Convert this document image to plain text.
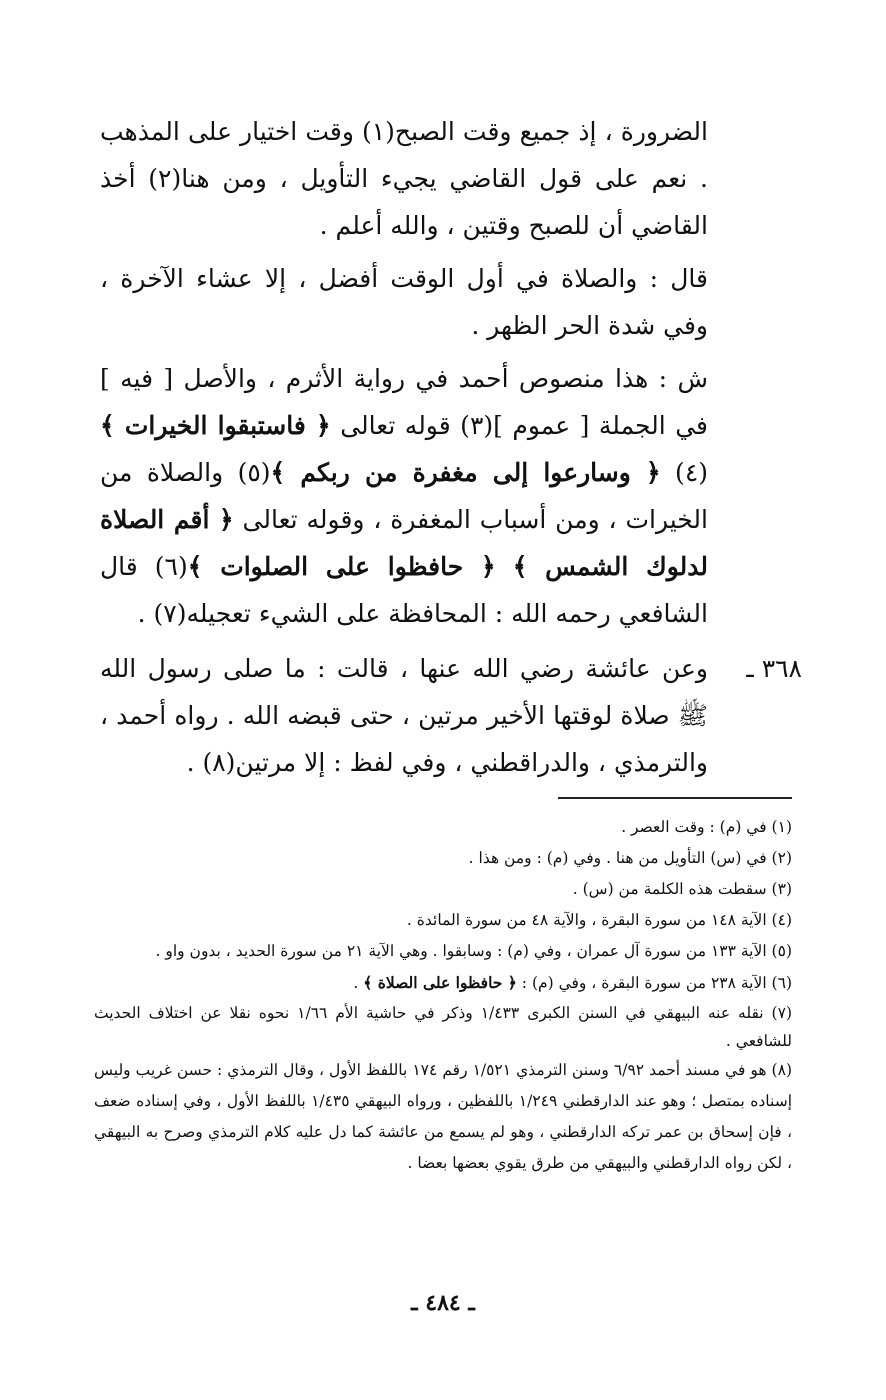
الضرورة ، إذ جميع وقت الصبح(١) وقت اختيار على المذهب . نعم على قول القاضي يجيء التأويل ، ومن هنا(٢) أخذ القاضي أن للصبح وقتين ، والله أعلم .

قال : والصلاة في أول الوقت أفضل ، إلا عشاء الآخرة ، وفي شدة الحر الظهر .

ش : هذا منصوص أحمد في رواية الأثرم ، والأصل [ فيه ] في الجملة [ عموم ](٣) قوله تعالى ﴿ فاستبقوا الخيرات ﴾(٤) ﴿ وسارعوا إلى مغفرة من ربكم ﴾(٥) والصلاة من الخيرات ، ومن أسباب المغفرة ، وقوله تعالى ﴿ أقم الصلاة لدلوك الشمس ﴾ ﴿ حافظوا على الصلوات ﴾(٦) قال الشافعي رحمه الله : المحافظة على الشيء تعجيله(٧) .

٣٦٨ ـ

وعن عائشة رضي الله عنها ، قالت : ما صلى رسول الله ﷺ صلاة لوقتها الأخير مرتين ، حتى قبضه الله . رواه أحمد ، والترمذي ، والدراقطني ، وفي لفظ : إلا مرتين(٨) .

(١) في (م) : وقت العصر .

(٢) في (س) التأويل من هنا . وفي (م) : ومن هذا .

(٣) سقطت هذه الكلمة من (س) .

(٤) الآية ١٤٨ من سورة البقرة ، والآية ٤٨ من سورة المائدة .

(٥) الآية ١٣٣ من سورة آل عمران ، وفي (م) : وسابقوا . وهي الآية ٢١ من سورة الحديد ، بدون واو .

(٦) الآية ٢٣٨ من سورة البقرة ، وفي (م) : ﴿ حافظوا على الصلاة ﴾ .

(٧) نقله عنه البيهقي في السنن الكبرى ١/٤٣٣ وذكر في حاشية الأم ١/٦٦ نحوه نقلا عن اختلاف الحديث للشافعي .

(٨) هو في مسند أحمد ٦/٩٢ وسنن الترمذي ١/٥٢١ رقم ١٧٤ باللفظ الأول ، وقال الترمذي : حسن غريب وليس إسناده بمتصل ؛ وهو عند الدارقطني ١/٢٤٩ باللفظين ، ورواه البيهقي ١/٤٣٥ باللفظ الأول ، وفي إسناده ضعف ، فإن إسحاق بن عمر تركه الدارقطني ، وهو لم يسمع من عائشة كما دل عليه كلام الترمذي وصرح به البيهقي ، لكن رواه الدارقطني والبيهقي من طرق يقوي بعضها بعضا .

ـ ٤٨٤ ـ
